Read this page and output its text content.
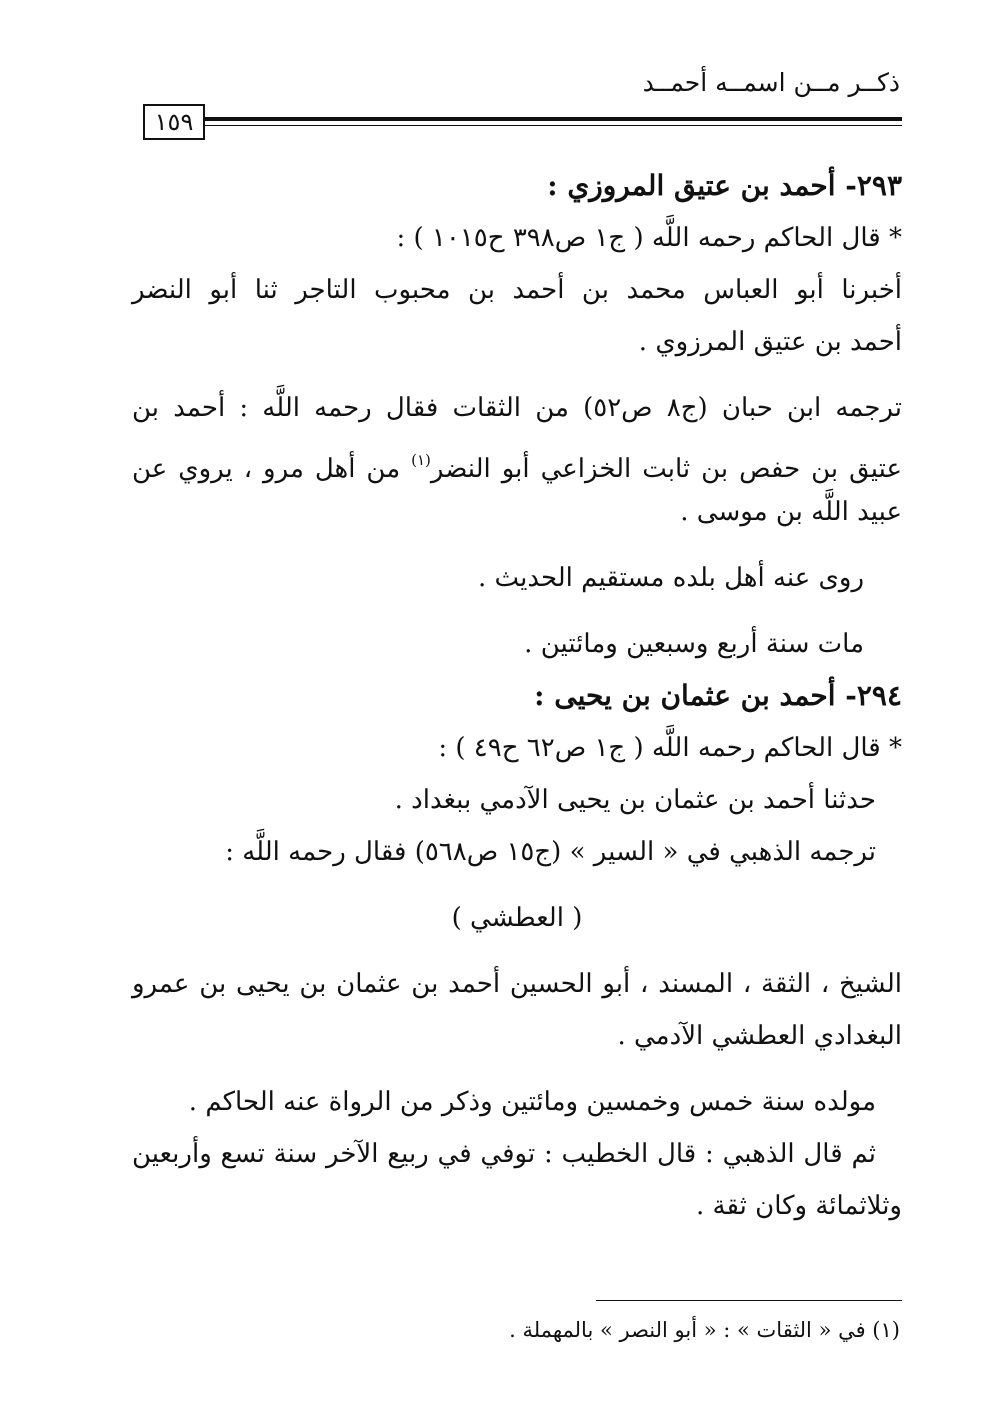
ذكــر مــن اسمــه أحمــد
١٥٩
٢٩٣- أحمد بن عتيق المروزي :
* قال الحاكم رحمه اللَّه ( ج١ ص٣٩٨ ح١٠١٥ ) :
أخبرنا أبو العباس محمد بن أحمد بن محبوب التاجر ثنا أبو النضر
أحمد بن عتيق المرزوي .
ترجمه ابن حبان (ج٨ ص٥٢) من الثقات فقال رحمه اللَّه : أحمد بن
عتيق بن حفص بن ثابت الخزاعي أبو النضر$^{(١)}$ من أهل مرو ، يروي عن
عبيد اللَّه بن موسى .
روى عنه أهل بلده مستقيم الحديث .
مات سنة أربع وسبعين ومائتين .
٢٩٤- أحمد بن عثمان بن يحيى :
* قال الحاكم رحمه اللَّه ( ج١ ص٦٢ ح٤٩ ) :
حدثنا أحمد بن عثمان بن يحيى الآدمي ببغداد .
ترجمه الذهبي في « السير » (ج١٥ ص٥٦٨) فقال رحمه اللَّه :
( العطشي )
الشيخ ، الثقة ، المسند ، أبو الحسين أحمد بن عثمان بن يحيى بن عمرو
البغدادي العطشي الآدمي .
مولده سنة خمس وخمسين ومائتين وذكر من الرواة عنه الحاكم .
ثم قال الذهبي : قال الخطيب : توفي في ربيع الآخر سنة تسع وأربعين
وثلاثمائة وكان ثقة .
(١) في « الثقات » : « أبو النصر » بالمهملة .
